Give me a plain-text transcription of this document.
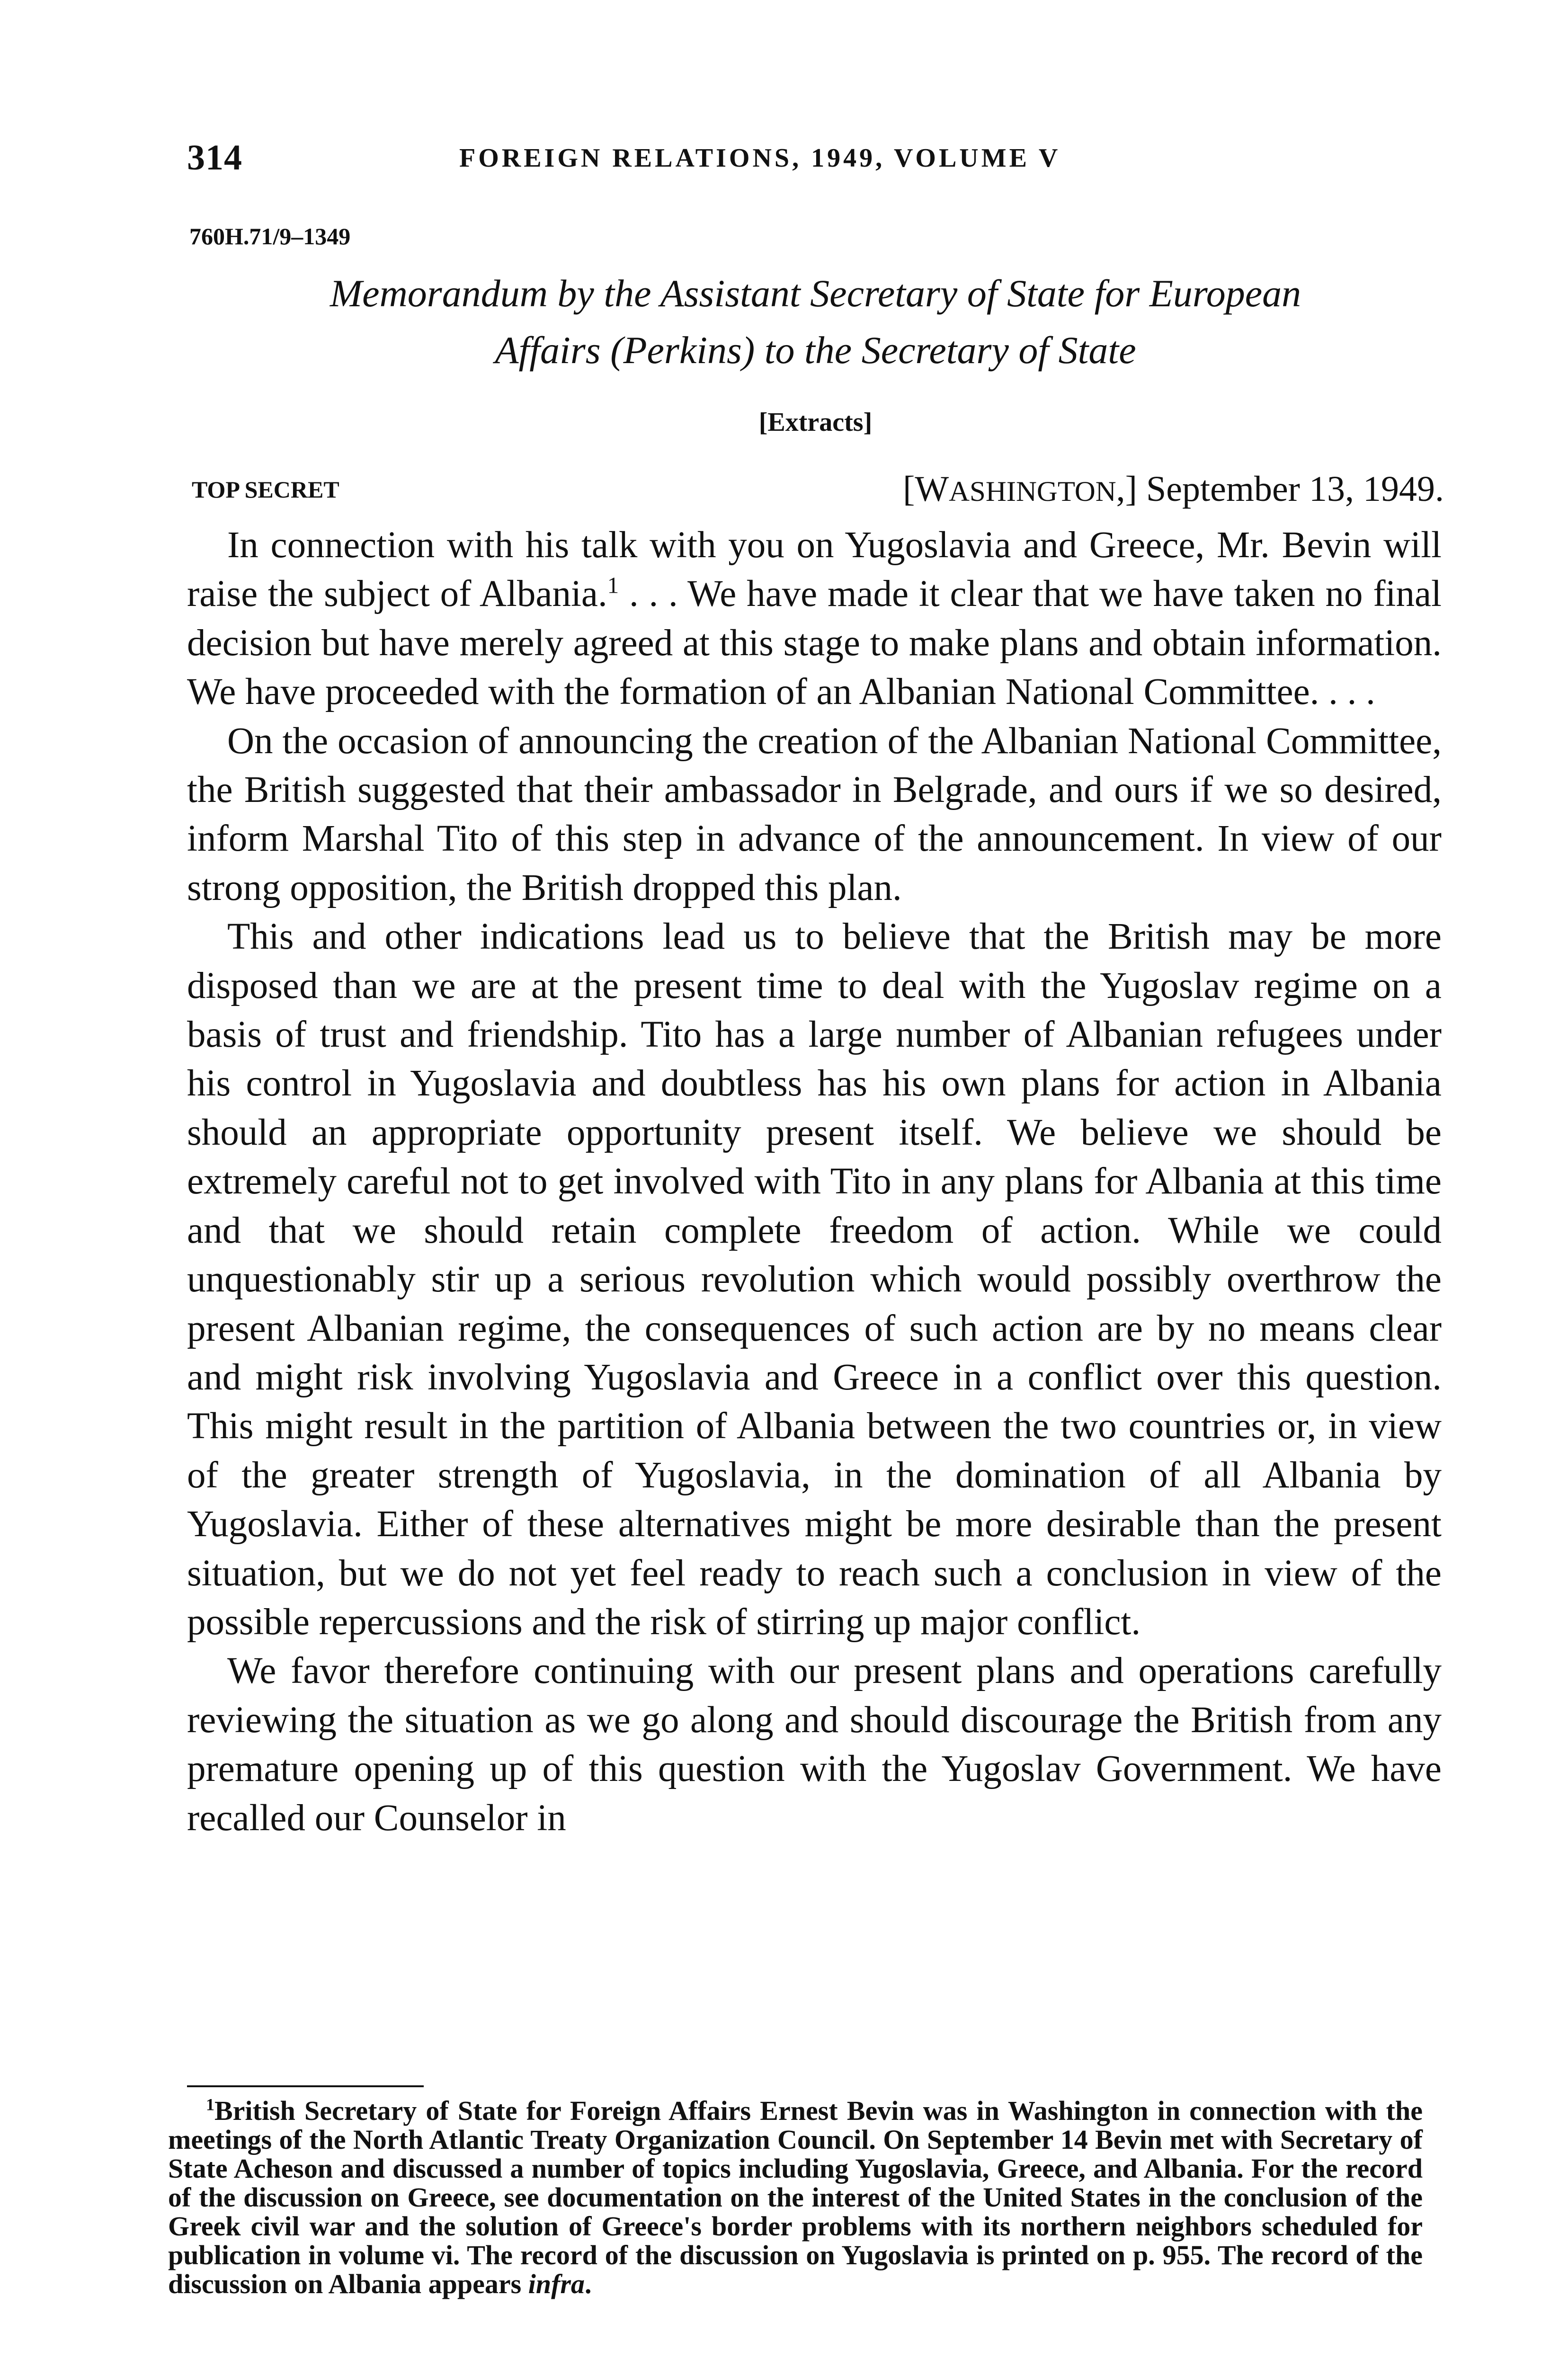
314	FOREIGN RELATIONS, 1949, VOLUME V
760H.71/9–1349
Memorandum by the Assistant Secretary of State for European
Affairs (Perkins) to the Secretary of State
[Extracts]
TOP SECRET	[WASHINGTON,] September 13, 1949.

In connection with his talk with you on Yugoslavia and Greece, Mr. Bevin will raise the subject of Albania.$^1$ . . . We have made it clear that we have taken no final decision but have merely agreed at this stage to make plans and obtain information. We have proceeded with the formation of an Albanian National Committee. . . .

On the occasion of announcing the creation of the Albanian National Committee, the British suggested that their ambassador in Belgrade, and ours if we so desired, inform Marshal Tito of this step in advance of the announcement. In view of our strong opposition, the British dropped this plan.

This and other indications lead us to believe that the British may be more disposed than we are at the present time to deal with the Yugoslav regime on a basis of trust and friendship. Tito has a large number of Albanian refugees under his control in Yugoslavia and doubtless has his own plans for action in Albania should an appropriate opportunity present itself. We believe we should be extremely careful not to get involved with Tito in any plans for Albania at this time and that we should retain complete freedom of action. While we could unquestionably stir up a serious revolution which would possibly overthrow the present Albanian regime, the consequences of such action are by no means clear and might risk involving Yugoslavia and Greece in a conflict over this question. This might result in the partition of Albania between the two countries or, in view of the greater strength of Yugoslavia, in the domination of all Albania by Yugoslavia. Either of these alternatives might be more desirable than the present situation, but we do not yet feel ready to reach such a conclusion in view of the possible repercussions and the risk of stirring up major conflict.

We favor therefore continuing with our present plans and operations carefully reviewing the situation as we go along and should discourage the British from any premature opening up of this question with the Yugoslav Government. We have recalled our Counselor in

$^1$British Secretary of State for Foreign Affairs Ernest Bevin was in Washington in connection with the meetings of the North Atlantic Treaty Organization Council. On September 14 Bevin met with Secretary of State Acheson and discussed a number of topics including Yugoslavia, Greece, and Albania. For the record of the discussion on Greece, see documentation on the interest of the United States in the conclusion of the Greek civil war and the solution of Greece's border problems with its northern neighbors scheduled for publication in volume vi. The record of the discussion on Yugoslavia is printed on p. 955. The record of the discussion on Albania appears infra.
